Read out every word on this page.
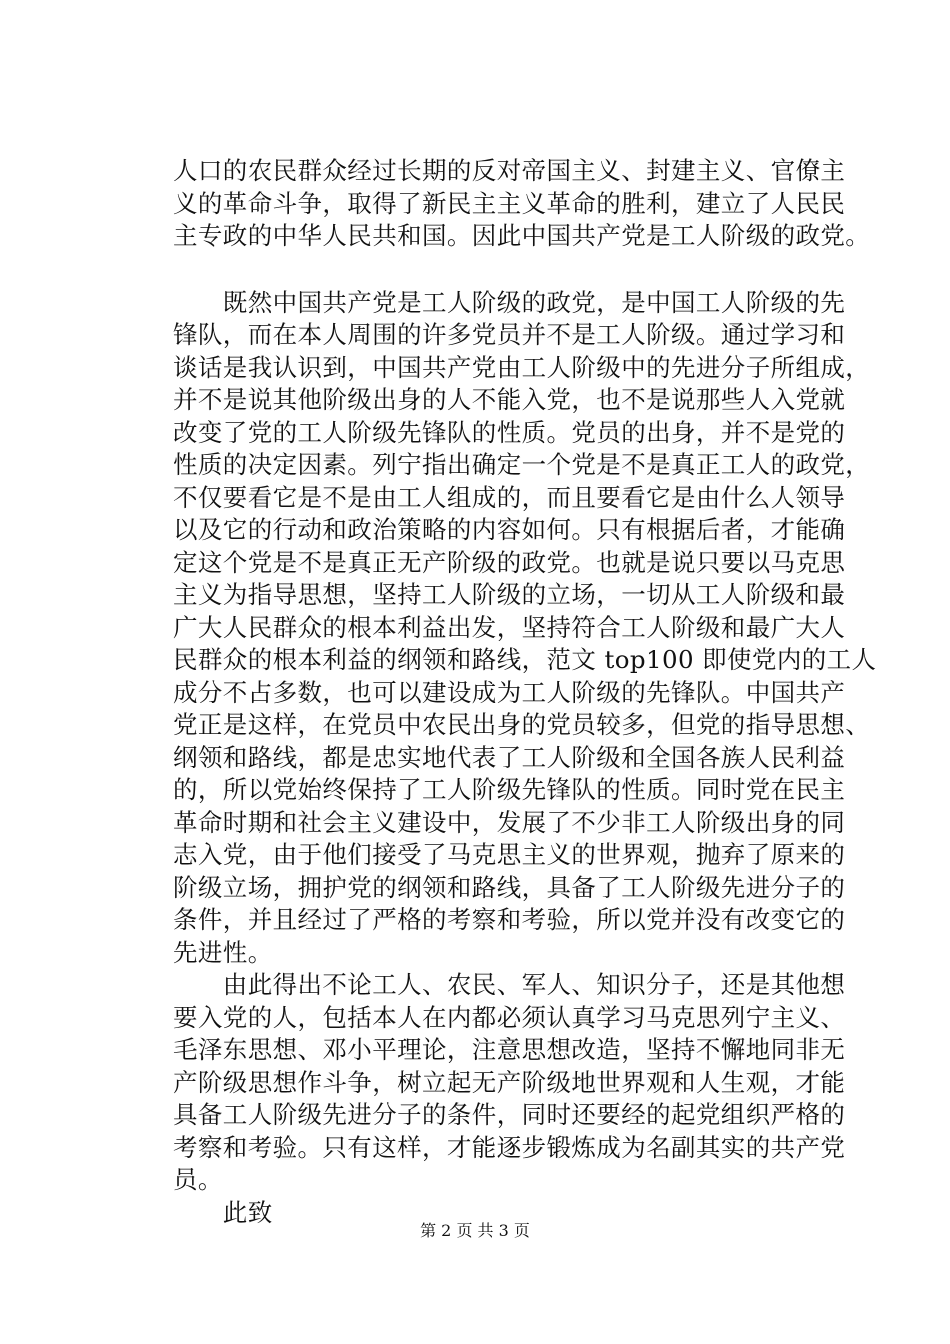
人口的农民群众经过长期的反对帝国主义、封建主义、官僚主
义的革命斗争，取得了新民主主义革命的胜利，建立了人民民
主专政的中华人民共和国。因此中国共产党是工人阶级的政党。
　　既然中国共产党是工人阶级的政党，是中国工人阶级的先
锋队，而在本人周围的许多党员并不是工人阶级。通过学习和
谈话是我认识到，中国共产党由工人阶级中的先进分子所组成，
并不是说其他阶级出身的人不能入党，也不是说那些人入党就
改变了党的工人阶级先锋队的性质。党员的出身，并不是党的
性质的决定因素。列宁指出确定一个党是不是真正工人的政党，
不仅要看它是不是由工人组成的，而且要看它是由什么人领导
以及它的行动和政治策略的内容如何。只有根据后者，才能确
定这个党是不是真正无产阶级的政党。也就是说只要以马克思
主义为指导思想，坚持工人阶级的立场，一切从工人阶级和最
广大人民群众的根本利益出发，坚持符合工人阶级和最广大人
民群众的根本利益的纲领和路线，范文 top100 即使党内的工人
成分不占多数，也可以建设成为工人阶级的先锋队。中国共产
党正是这样，在党员中农民出身的党员较多，但党的指导思想、
纲领和路线，都是忠实地代表了工人阶级和全国各族人民利益
的，所以党始终保持了工人阶级先锋队的性质。同时党在民主
革命时期和社会主义建设中，发展了不少非工人阶级出身的同
志入党，由于他们接受了马克思主义的世界观，抛弃了原来的
阶级立场，拥护党的纲领和路线，具备了工人阶级先进分子的
条件，并且经过了严格的考察和考验，所以党并没有改变它的
先进性。
　　由此得出不论工人、农民、军人、知识分子，还是其他想
要入党的人，包括本人在内都必须认真学习马克思列宁主义、
毛泽东思想、邓小平理论，注意思想改造，坚持不懈地同非无
产阶级思想作斗争，树立起无产阶级地世界观和人生观，才能
具备工人阶级先进分子的条件，同时还要经的起党组织严格的
考察和考验。只有这样，才能逐步锻炼成为名副其实的共产党
员。
　　此致
第 2 页 共 3 页
